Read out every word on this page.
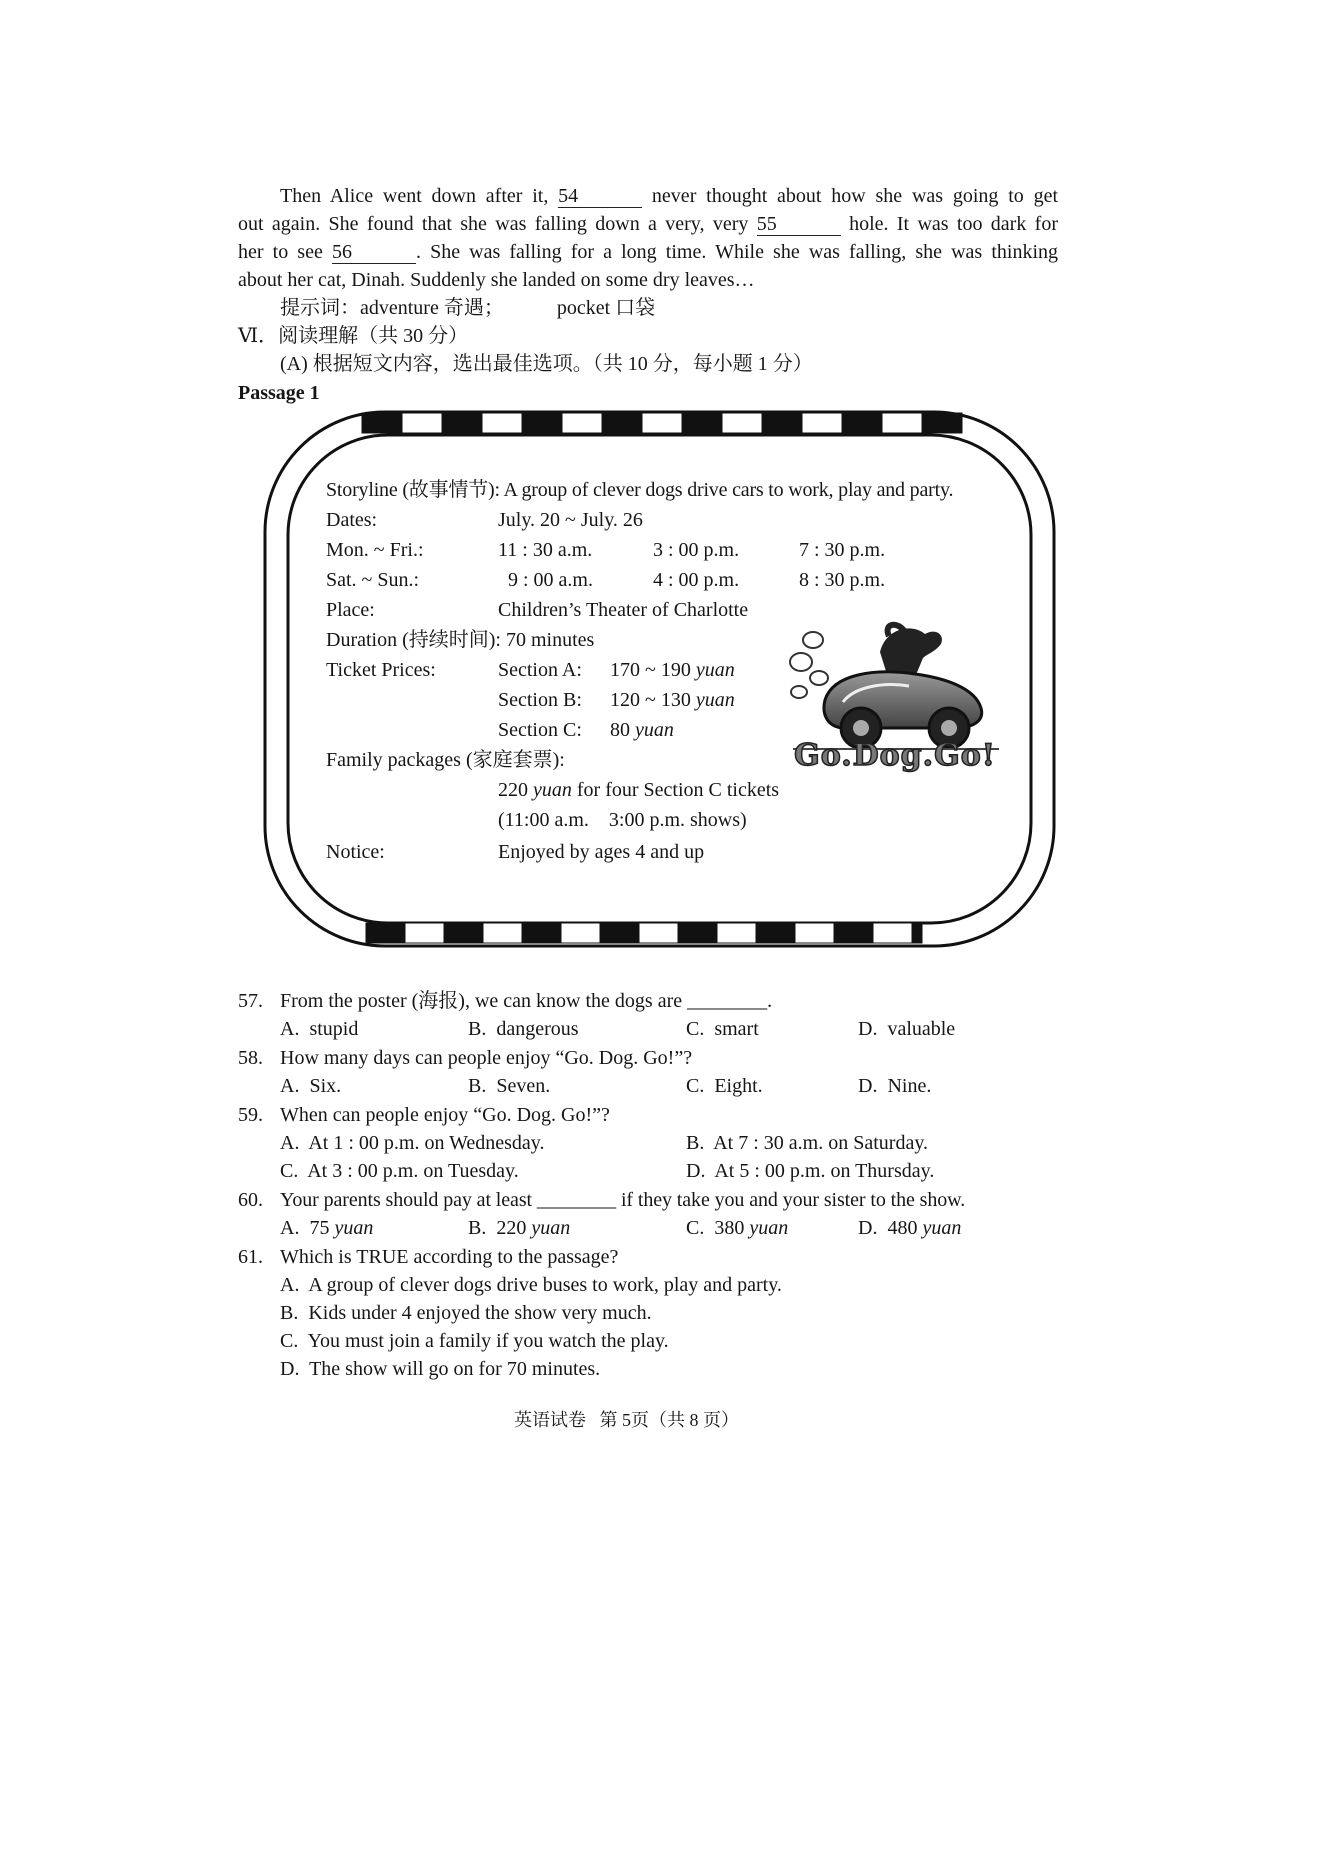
Then Alice went down after it, 54	never thought about how she was going to get
out again. She found that she was falling down a very, very 55	hole. It was too dark for
her to see 56	. She was falling for a long time. While she was falling, she was thinking
about her cat, Dinah. Suddenly she landed on some dry leaves…
提示词：adventure 奇遇；	pocket 口袋
Ⅵ．阅读理解（共 30 分）
(A) 根据短文内容，选出最佳选项。（共 10 分，每小题 1 分）
Passage 1
Storyline (故事情节): A group of clever dogs drive cars to work, play and party.
Dates:	July. 20 ~ July. 26
Mon. ~ Fri.:	11 : 30 a.m.	3 : 00 p.m.	7 : 30 p.m.
Sat. ~ Sun.:	9 : 00 a.m.	4 : 00 p.m.	8 : 30 p.m.
Place:	Children’s Theater of Charlotte
Duration (持续时间): 70 minutes
Ticket Prices:	Section A: 170 ~ 190 yuan
Section B: 120 ~ 130 yuan
Section C: 80 yuan
Family packages (家庭套票):
220 yuan for four Section C tickets
(11:00 a.m.    3:00 p.m. shows)
Notice:	Enjoyed by ages 4 and up
Go.Dog.Go!
57. From the poster (海报), we can know the dogs are ________.
A.  stupid	B.  dangerous	C.  smart	D.  valuable
58. How many days can people enjoy “Go. Dog. Go!”?
A.  Six.	B.  Seven.	C.  Eight.	D.  Nine.
59. When can people enjoy “Go. Dog. Go!”?
A.  At 1 : 00 p.m. on Wednesday.	B.  At 7 : 30 a.m. on Saturday.
C.  At 3 : 00 p.m. on Tuesday.	D.  At 5 : 00 p.m. on Thursday.
60. Your parents should pay at least ________ if they take you and your sister to the show.
A.  75 yuan	B.  220 yuan	C.  380 yuan	D.  480 yuan
61. Which is TRUE according to the passage?
A.  A group of clever dogs drive buses to work, play and party.
B.  Kids under 4 enjoyed the show very much.
C.  You must join a family if you watch the play.
D.  The show will go on for 70 minutes.
英语试卷   第 5页（共 8 页）
